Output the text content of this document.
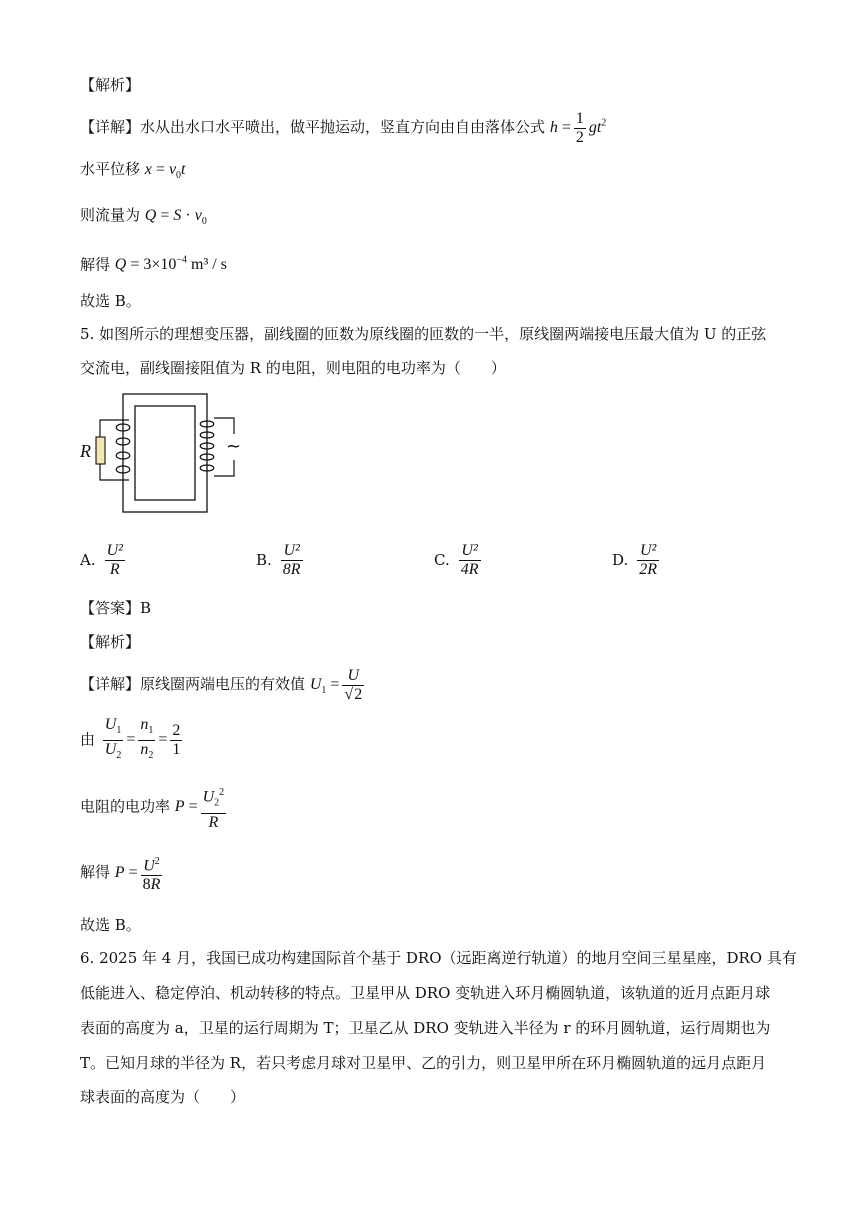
【解析】
【详解】水从出水口水平喷出，做平抛运动，竖直方向由自由落体公式 $h = \frac{1}{2} gt^2$
水平位移 $x = v_0t$
则流量为 $Q = S \cdot v_0$
解得 $Q = 3\times 10^{-4}$ m³ / s
故选 B。
5. 如图所示的理想变压器，副线圈的匝数为原线圈的匝数的一半，原线圈两端接电压最大值为 U 的正弦
交流电，副线圈接阻值为 R 的电阻，则电阻的电功率为（　　）
R	~
A. $\frac{\text{U²}}{R}$	B. $\frac{\text{U²}}{8R}$	C. $\frac{\text{U²}}{4R}$	D. $\frac{\text{U²}}{2R}$
【答案】B
【解析】
【详解】原线圈两端电压的有效值 $U_1 = \frac{U}{√2}$
由 $\frac{U_1}{U_2} = \frac{n_1}{n_2} = \frac{2}{1}$
电阻的电功率 $P = \frac{U_2^2}{R}$
解得 $P = \frac{U^2}{8R}$
故选 B。
6. 2025 年 4 月，我国已成功构建国际首个基于 DRO（远距离逆行轨道）的地月空间三星星座，DRO 具有
低能进入、稳定停泊、机动转移的特点。卫星甲从 DRO 变轨进入环月椭圆轨道，该轨道的近月点距月球
表面的高度为 a，卫星的运行周期为 T；卫星乙从 DRO 变轨进入半径为 r 的环月圆轨道，运行周期也为
T。已知月球的半径为 R，若只考虑月球对卫星甲、乙的引力，则卫星甲所在环月椭圆轨道的远月点距月
球表面的高度为（　　）
